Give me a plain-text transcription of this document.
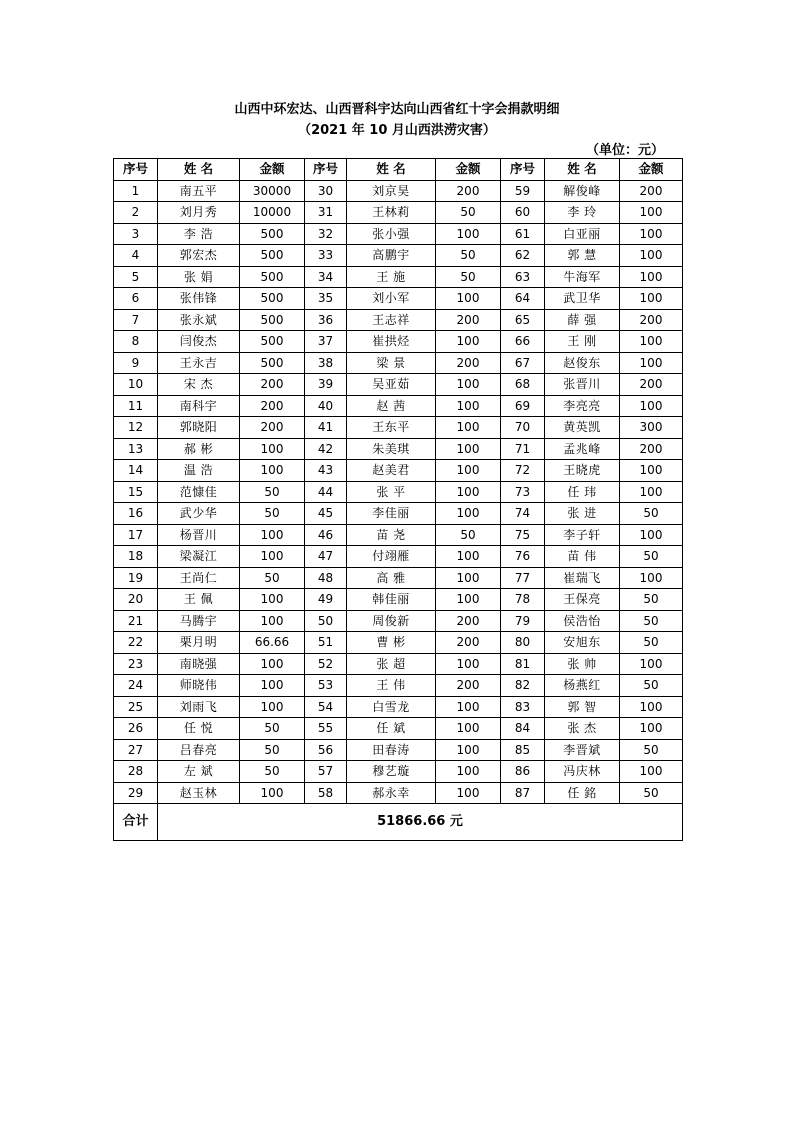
山西中环宏达、山西晋科宇达向山西省红十字会捐款明细
（2021 年 10 月山西洪涝灾害）
（单位：元）
序号	姓 名	金额	序号	姓 名	金额	序号	姓 名	金额
1	南五平	30000	30	刘京昊	200	59	解俊峰	200
2	刘月秀	10000	31	王林莉	50	60	李 玲	100
3	李 浩	500	32	张小强	100	61	白亚丽	100
4	郭宏杰	500	33	高鹏宇	50	62	郭 慧	100
5	张 娟	500	34	王 施	50	63	牛海军	100
6	张伟锋	500	35	刘小军	100	64	武卫华	100
7	张永斌	500	36	王志祥	200	65	薛 强	200
8	闫俊杰	500	37	崔拱烃	100	66	王 刚	100
9	王永吉	500	38	梁 景	200	67	赵俊东	100
10	宋 杰	200	39	吴亚茹	100	68	张晋川	200
11	南科宇	200	40	赵 茜	100	69	李亮亮	100
12	郭晓阳	200	41	王东平	100	70	黄英凯	300
13	郝 彬	100	42	朱美琪	100	71	孟兆峰	200
14	温 浩	100	43	赵美君	100	72	王晓虎	100
15	范慷佳	50	44	张 平	100	73	任 玮	100
16	武少华	50	45	李佳丽	100	74	张 进	50
17	杨晋川	100	46	苗 尧	50	75	李子轩	100
18	梁凝江	100	47	付翊雁	100	76	苗 伟	50
19	王尚仁	50	48	高 雅	100	77	崔瑞飞	100
20	王 佩	100	49	韩佳丽	100	78	王保亮	50
21	马腾宇	100	50	周俊新	200	79	侯浩怡	50
22	栗月明	66.66	51	曹 彬	200	80	安旭东	50
23	南晓强	100	52	张 超	100	81	张 帅	100
24	师晓伟	100	53	王 伟	200	82	杨燕红	50
25	刘雨飞	100	54	白雪龙	100	83	郭 智	100
26	任 悦	50	55	任 斌	100	84	张 杰	100
27	吕春亮	50	56	田春涛	100	85	李晋斌	50
28	左 斌	50	57	穆艺璇	100	86	冯庆林	100
29	赵玉林	100	58	郝永幸	100	87	任 銘	50
合计	51866.66 元							
